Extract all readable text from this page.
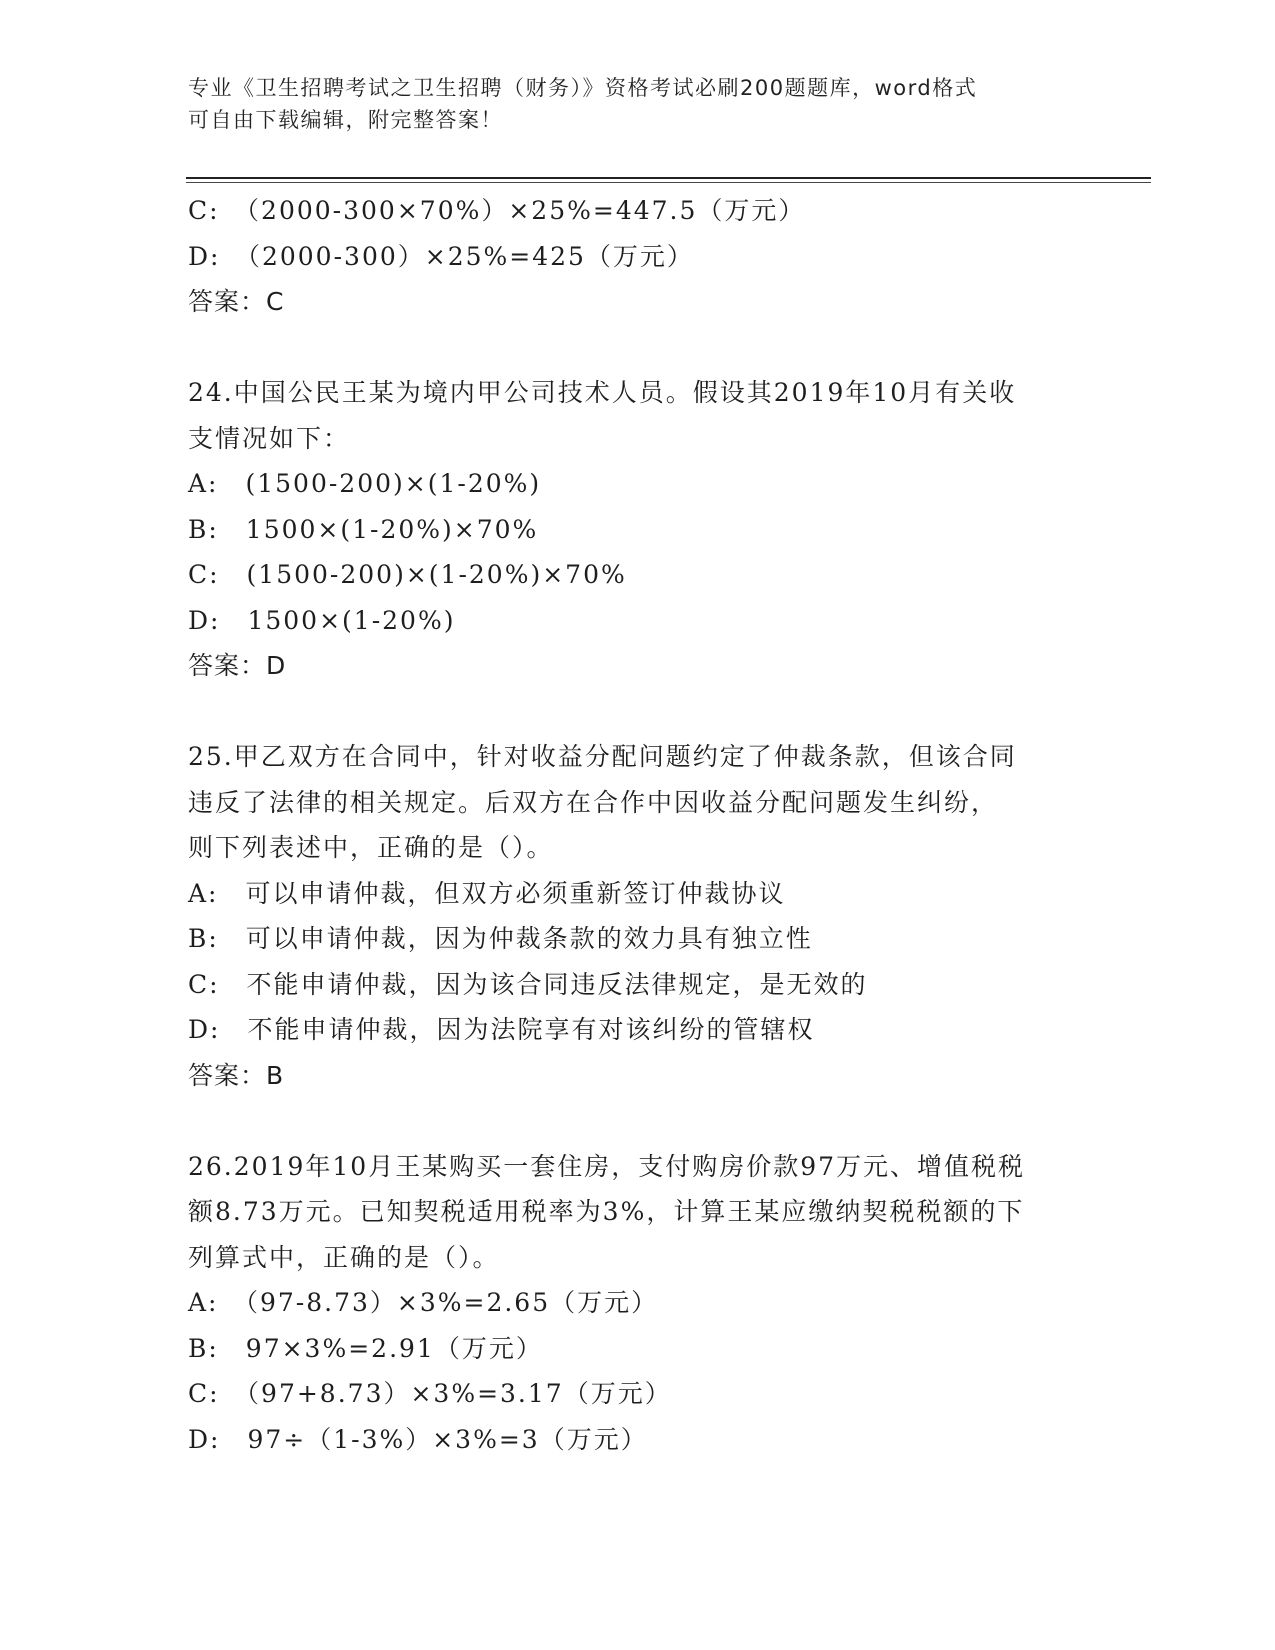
专业《卫生招聘考试之卫生招聘（财务）》资格考试必刷200题题库，word格式
可自由下载编辑，附完整答案！
C:　（2000-300×70%）×25%=447.5（万元）
D:　（2000-300）×25%=425（万元）
答案：C
24.中国公民王某为境内甲公司技术人员。假设其2019年10月有关收
支情况如下：
A:　(1500-200)×(1-20%)
B:　1500×(1-20%)×70%
C:　(1500-200)×(1-20%)×70%
D:　1500×(1-20%)
答案：D
25.甲乙双方在合同中，针对收益分配问题约定了仲裁条款，但该合同
违反了法律的相关规定。后双方在合作中因收益分配问题发生纠纷，
则下列表述中，正确的是（）。
A:　可以申请仲裁，但双方必须重新签订仲裁协议
B:　可以申请仲裁，因为仲裁条款的效力具有独立性
C:　不能申请仲裁，因为该合同违反法律规定，是无效的
D:　不能申请仲裁，因为法院享有对该纠纷的管辖权
答案：B
26.2019年10月王某购买一套住房，支付购房价款97万元、增值税税
额8.73万元。已知契税适用税率为3%，计算王某应缴纳契税税额的下
列算式中，正确的是（）。
A:　（97-8.73）×3%=2.65（万元）
B:　97×3%=2.91（万元）
C:　（97+8.73）×3%=3.17（万元）
D:　97÷（1-3%）×3%=3（万元）
